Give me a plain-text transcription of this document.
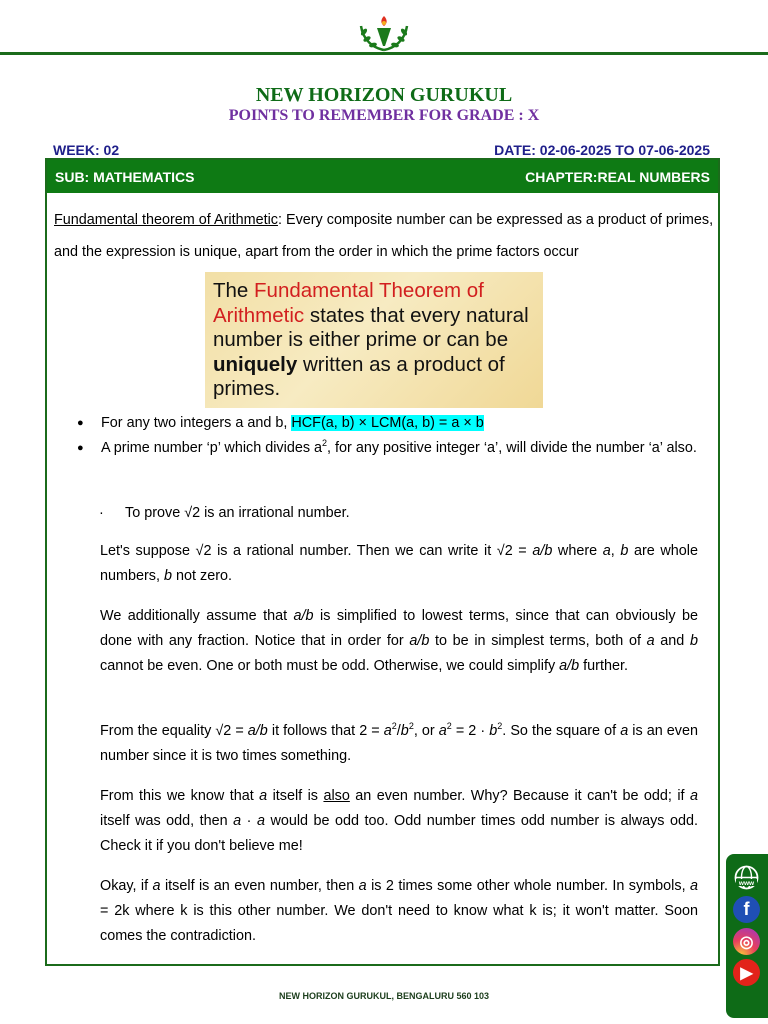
NEW HORIZON GURUKUL
POINTS TO REMEMBER FOR GRADE : X
WEEK: 02	DATE: 02-06-2025 TO 07-06-2025
SUB: MATHEMATICS	CHAPTER:REAL NUMBERS
Fundamental theorem of Arithmetic: Every composite number can be expressed as a product of primes, and the expression is unique, apart from the order in which the prime factors occur
The Fundamental Theorem of Arithmetic states that every natural number is either prime or can be uniquely written as a product of primes.
● For any two integers a and b, HCF(a, b) × LCM(a, b) = a × b
● A prime number ‘p’ which divides $a^2$, for any positive integer ‘a’, will divide the number ‘a’ also.
· To prove √2 is an irrational number.
Let's suppose √2 is a rational number. Then we can write it √2 = a/b where a, b are whole numbers, b not zero.
We additionally assume that a/b is simplified to lowest terms, since that can obviously be done with any fraction. Notice that in order for a/b to be in simplest terms, both of a and b cannot be even. One or both must be odd. Otherwise, we could simplify a/b further.
From the equality √2 = a/b it follows that $2 = a^2/b^2$, or $a^2 = 2 \cdot b^2$. So the square of a is an even number since it is two times something.
From this we know that a itself is also an even number. Why? Because it can't be odd; if a itself was odd, then a · a would be odd too. Odd number times odd number is always odd. Check it if you don't believe me!
Okay, if a itself is an even number, then a is 2 times some other whole number. In symbols, a = 2k where k is this other number. We don't need to know what k is; it won't matter. Soon comes the contradiction.
NEW HORIZON GURUKUL, BENGALURU 560 103
www
f
◎
▶
